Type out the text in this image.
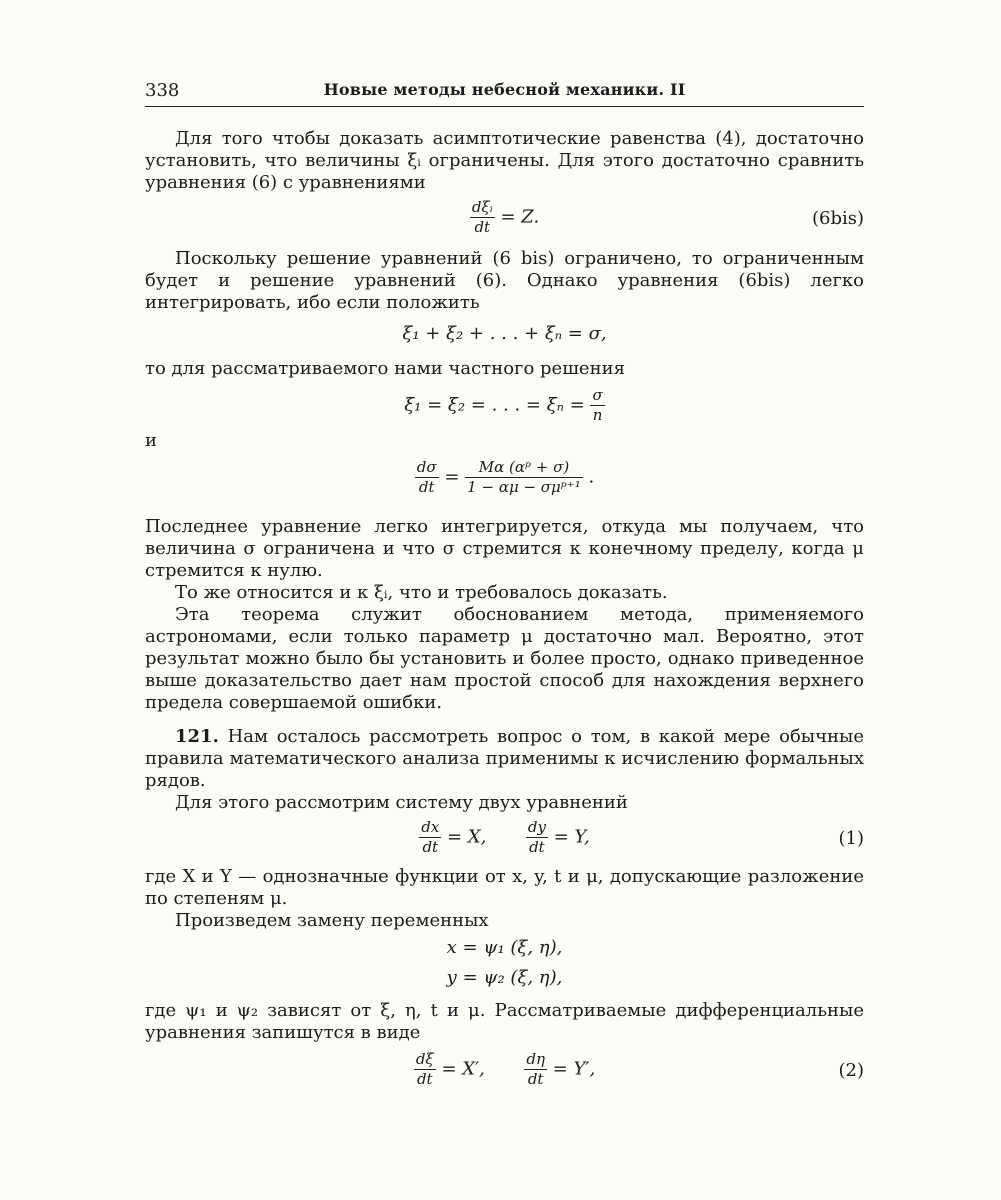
338	Новые методы небесной механики. II

Для того чтобы доказать асимптотические равенства (4), достаточно установить, что величины ξᵢ ограничены. Для этого достаточно сравнить уравнения (6) с уравнениями

$\frac{\text{dξᵢ}}{dt} = Z$.	(6bis)

Поскольку решение уравнений (6 bis) ограничено, то ограниченным будет и решение уравнений (6). Однако уравнения (6bis) легко интегрировать, ибо если положить

ξ₁ + ξ₂ + . . . + ξₙ = σ,

то для рассматриваемого нами частного решения

ξ₁ = ξ₂ = . . . = $\xi_n = \frac{\sigma}{n}$

и

$\frac{d\sigma}{dt} = \frac{\text{Mα (αᵖ + σ)}}{\text{1 − αμ − σμᵖ⁺¹}}$ .

Последнее уравнение легко интегрируется, откуда мы получаем, что величина σ ограничена и что σ стремится к конечному пределу, когда μ стремится к нулю.

То же относится и к ξᵢ, что и требовалось доказать.

Эта теорема служит обоснованием метода, применяемого астрономами, если только параметр μ достаточно мал. Вероятно, этот результат можно было бы установить и более просто, однако приведенное выше доказательство дает нам простой способ для нахождения верхнего предела совершаемой ошибки.

121. Нам осталось рассмотреть вопрос о том, в какой мере обычные правила математического анализа применимы к исчислению формальных рядов.

Для этого рассмотрим систему двух уравнений

$\frac{dx}{dt} = X$,	$\frac{dy}{dt} = Y$,	(1)

где X и Y — однозначные функции от x, y, t и μ, допускающие разложение по степеням μ.

Произведем замену переменных

x = ψ₁ (ξ, η),
y = ψ₂ (ξ, η),

где ψ₁ и ψ₂ зависят от ξ, η, t и μ. Рассматриваемые дифференциальные уравнения запишутся в виде

$\frac{d\xi}{dt} = X'$,	$\frac{d\eta}{dt} = Y'$,	(2)
